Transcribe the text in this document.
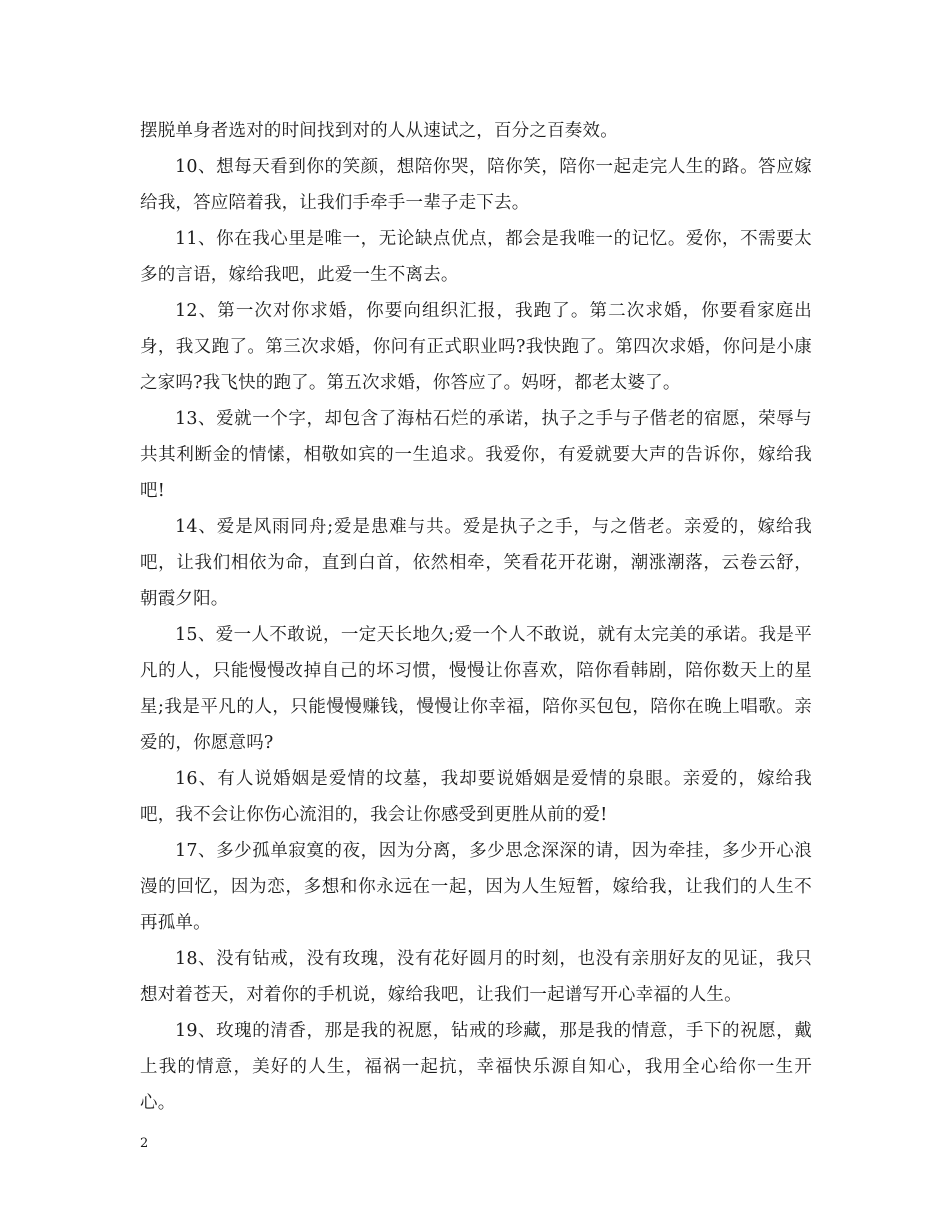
摆脱单身者选对的时间找到对的人从速试之，百分之百奏效。

10、想每天看到你的笑颜，想陪你哭，陪你笑，陪你一起走完人生的路。答应嫁给我，答应陪着我，让我们手牵手一辈子走下去。

11、你在我心里是唯一，无论缺点优点，都会是我唯一的记忆。爱你，不需要太多的言语，嫁给我吧，此爱一生不离去。

12、第一次对你求婚，你要向组织汇报，我跑了。第二次求婚，你要看家庭出身，我又跑了。第三次求婚，你问有正式职业吗?我快跑了。第四次求婚，你问是小康之家吗?我飞快的跑了。第五次求婚，你答应了。妈呀，都老太婆了。

13、爱就一个字，却包含了海枯石烂的承诺，执子之手与子偕老的宿愿，荣辱与共其利断金的情愫，相敬如宾的一生追求。我爱你，有爱就要大声的告诉你，嫁给我吧!

14、爱是风雨同舟;爱是患难与共。爱是执子之手，与之偕老。亲爱的，嫁给我吧，让我们相依为命，直到白首，依然相牵，笑看花开花谢，潮涨潮落，云卷云舒，朝霞夕阳。

15、爱一人不敢说，一定天长地久;爱一个人不敢说，就有太完美的承诺。我是平凡的人，只能慢慢改掉自己的坏习惯，慢慢让你喜欢，陪你看韩剧，陪你数天上的星星;我是平凡的人，只能慢慢赚钱，慢慢让你幸福，陪你买包包，陪你在晚上唱歌。亲爱的，你愿意吗?

16、有人说婚姻是爱情的坟墓，我却要说婚姻是爱情的泉眼。亲爱的，嫁给我吧，我不会让你伤心流泪的，我会让你感受到更胜从前的爱!

17、多少孤单寂寞的夜，因为分离，多少思念深深的请，因为牵挂，多少开心浪漫的回忆，因为恋，多想和你永远在一起，因为人生短暂，嫁给我，让我们的人生不再孤单。

18、没有钻戒，没有玫瑰，没有花好圆月的时刻，也没有亲朋好友的见证，我只想对着苍天，对着你的手机说，嫁给我吧，让我们一起谱写开心幸福的人生。

19、玫瑰的清香，那是我的祝愿，钻戒的珍藏，那是我的情意，手下的祝愿，戴上我的情意，美好的人生，福祸一起抗，幸福快乐源自知心，我用全心给你一生开心。

2
